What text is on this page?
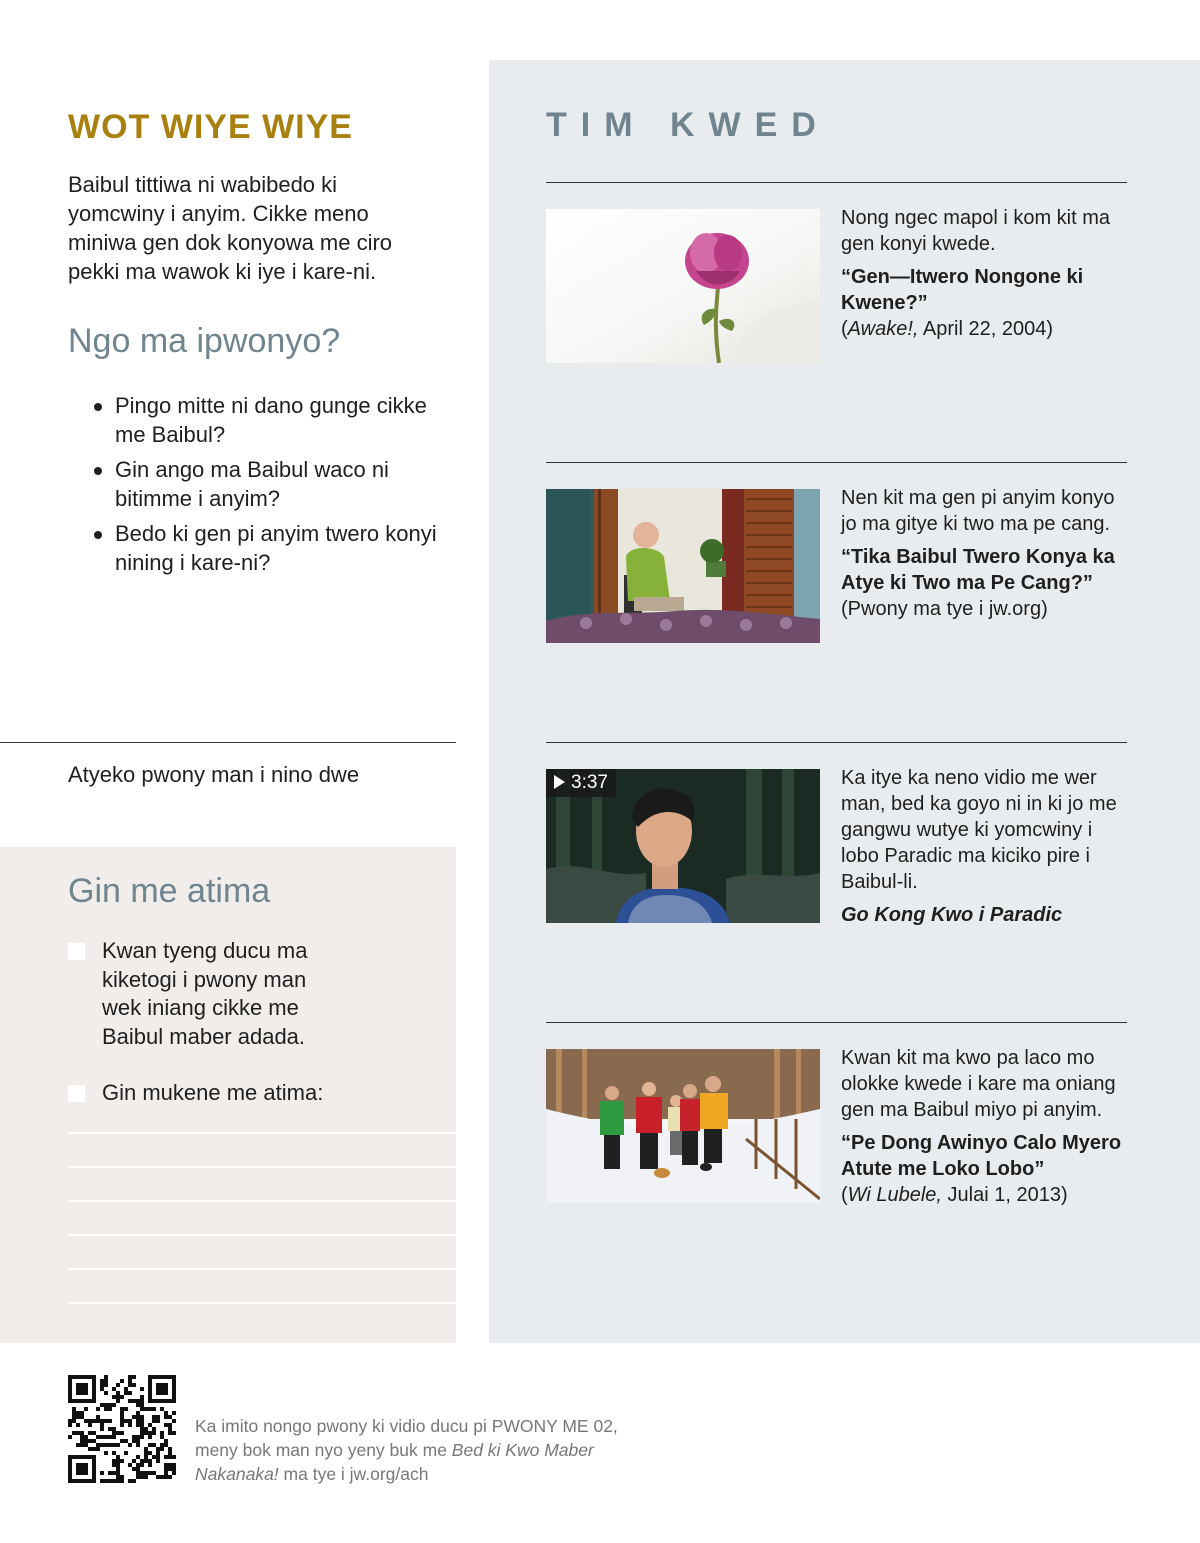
WOT WIYE WIYE
Baibul tittiwa ni wabibedo ki yomcwiny i anyim. Cikke meno miniwa gen dok konyowa me ciro pekki ma wawok ki iye i kare-ni.
Ngo ma ipwonyo?
Pingo mitte ni dano gunge cikke me Baibul?
Gin ango ma Baibul waco ni bitimme i anyim?
Bedo ki gen pi anyim twero konyi nining i kare-ni?
Atyeko pwony man i nino dwe
Gin me atima
Kwan tyeng ducu ma kiketogi i pwony man wek iniang cikke me Baibul maber adada.
Gin mukene me atima:
TIM KWED
Nong ngec mapol i kom kit ma gen konyi kwede.
“Gen—Itwero Nongone ki Kwene?”
(Awake!, April 22, 2004)
Nen kit ma gen pi anyim konyo jo ma gitye ki two ma pe cang.
“Tika Baibul Twero Konya ka Atye ki Two ma Pe Cang?”
(Pwony ma tye i jw.org)
3:37	Ka itye ka neno vidio me wer man, bed ka goyo ni in ki jo me gangwu wutye ki yomcwiny i lobo Paradic ma kiciko pire i Baibul-li.
Go Kong Kwo i Paradic
Kwan kit ma kwo pa laco mo olokke kwede i kare ma oniang gen ma Baibul miyo pi anyim.
“Pe Dong Awinyo Calo Myero Atute me Loko Lobo”
(Wi Lubele, Julai 1, 2013)
Ka imito nongo pwony ki vidio ducu pi PWONY ME 02,
meny bok man nyo yeny buk me Bed ki Kwo Maber
Nakanaka! ma tye i jw.org/ach
